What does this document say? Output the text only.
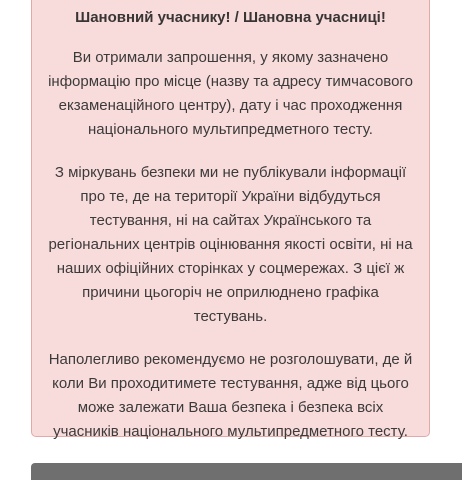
Шановний учаснику! / Шановна учасниці!

Ви отримали запрошення, у якому зазначено інформацію про місце (назву та адресу тимчасового екзаменаційного центру), дату і час проходження національного мультипредметного тесту.

З міркувань безпеки ми не публікували інформації про те, де на території України відбудуться тестування, ні на сайтах Українського та регіональних центрів оцінювання якості освіти, ні на наших офіційних сторінках у соцмережах. З цієї ж причини цьогоріч не оприлюднено графіка тестувань.

Наполегливо рекомендуємо не розголошувати, де й коли Ви проходитимете тестування, адже від цього може залежати Ваша безпека і безпека всіх учасників національного мультипредметного тесту.
